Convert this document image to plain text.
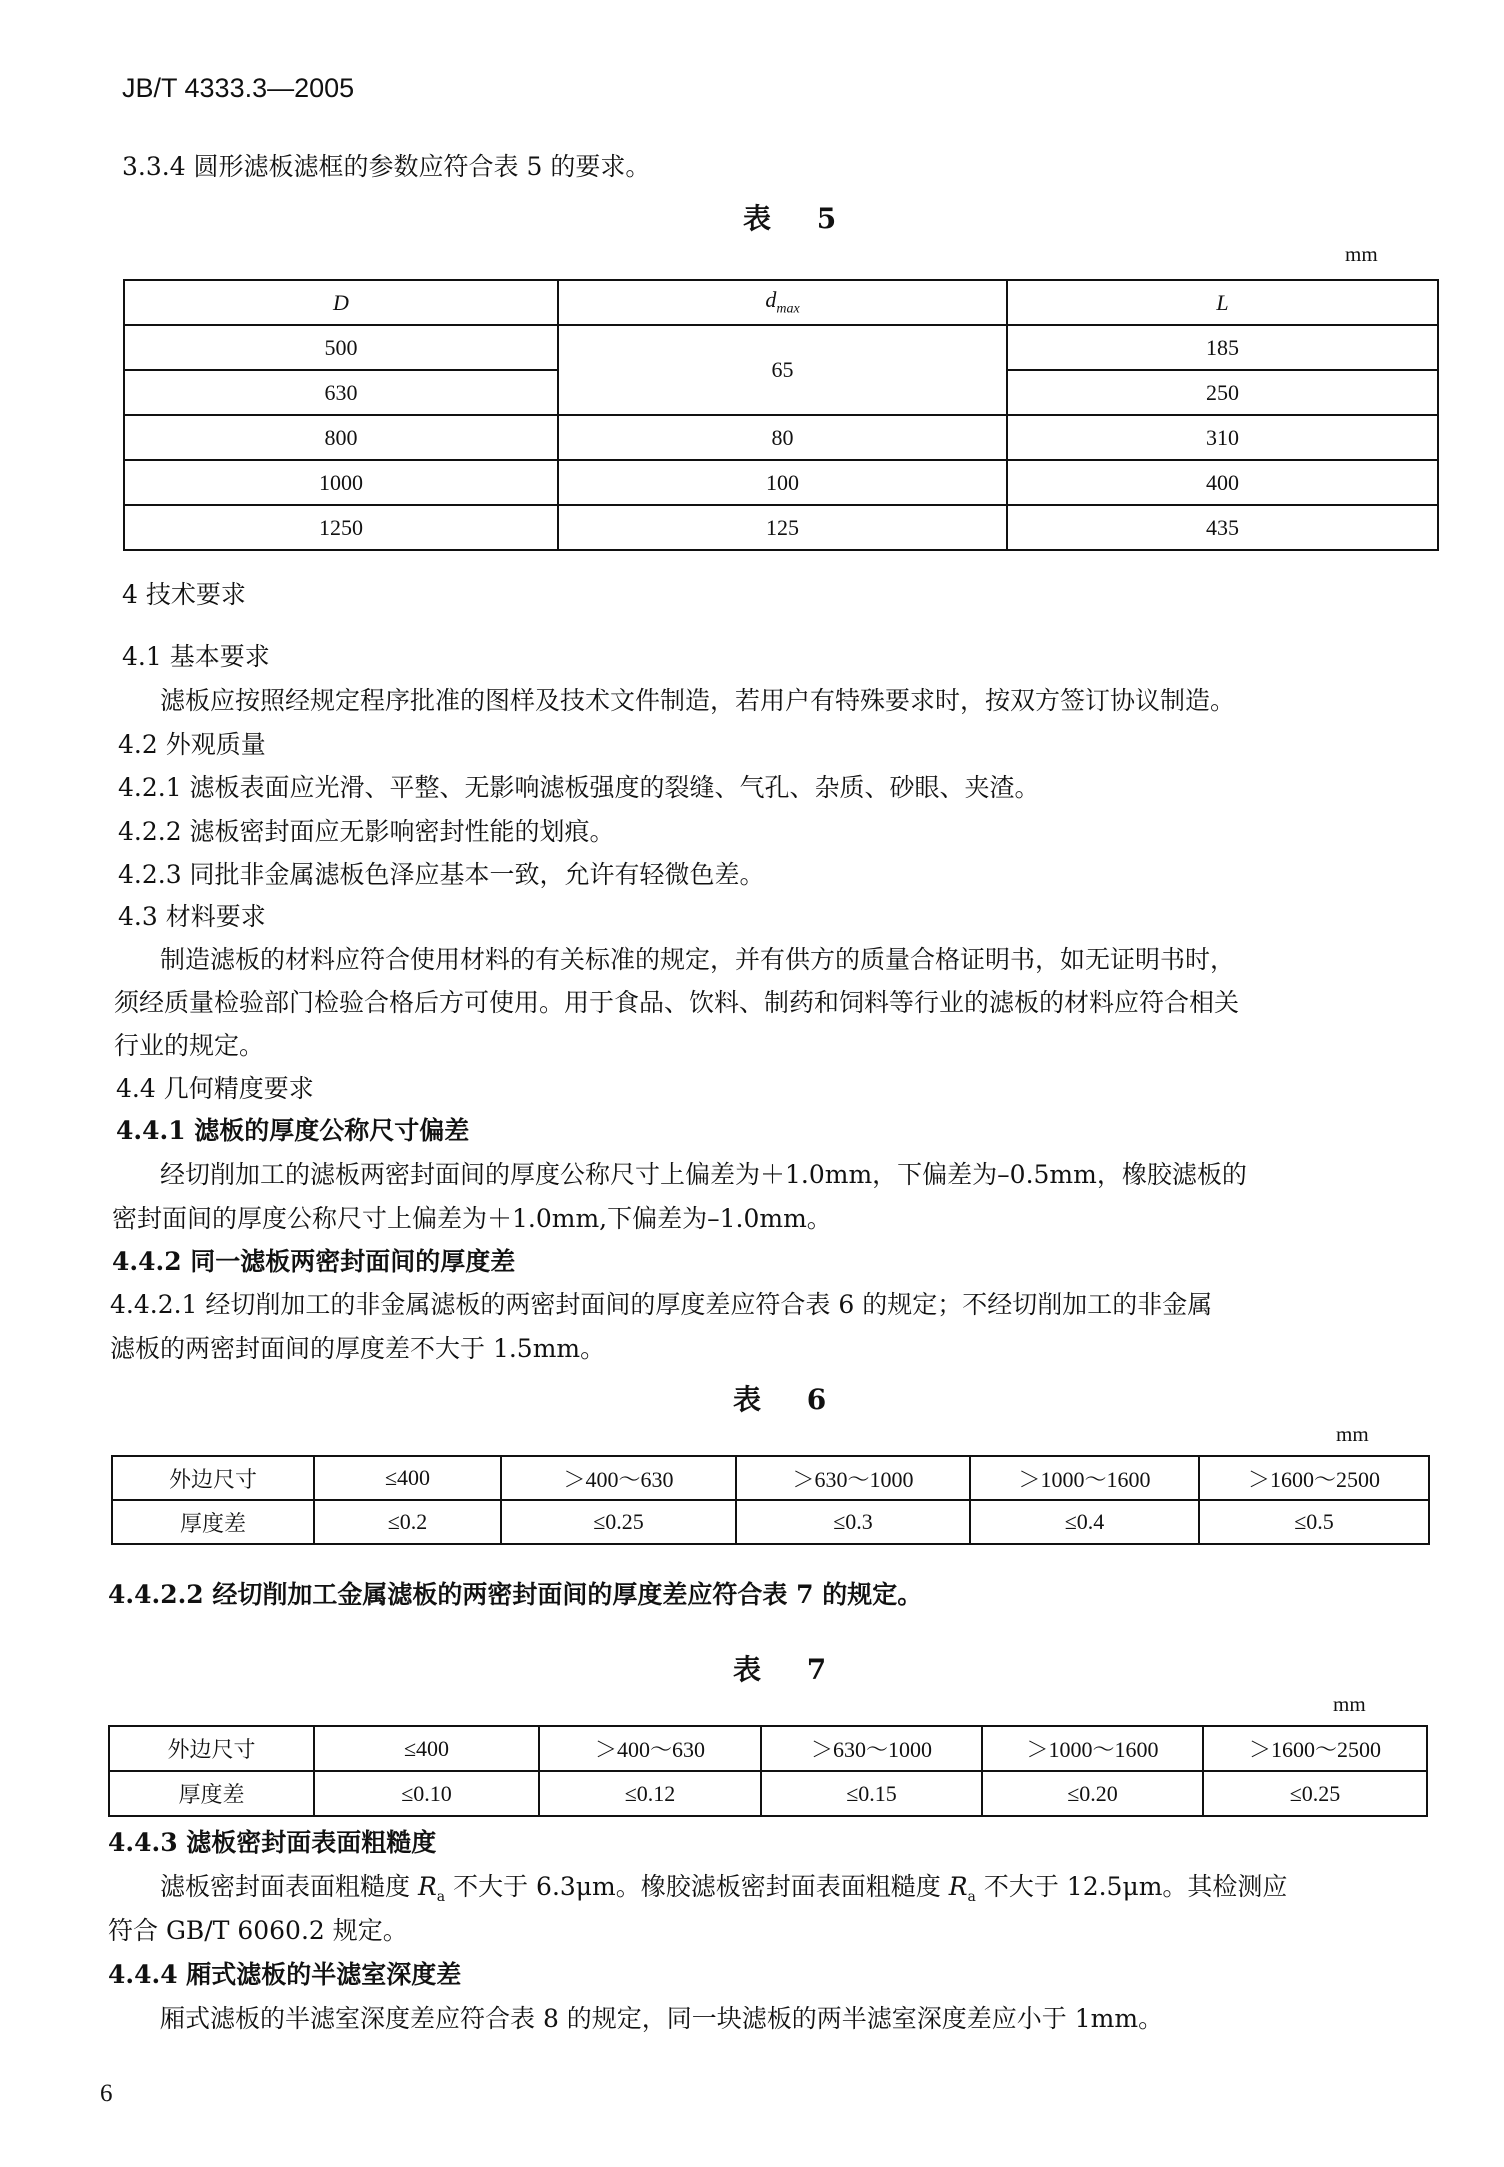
JB/T 4333.3—2005
3.3.4 圆形滤板滤框的参数应符合表 5 的要求。
表 5
mm
D	$d_{max}$	L
500	65	185
630		250
800	80	310
1000	100	400
1250	125	435
4 技术要求
4.1 基本要求
滤板应按照经规定程序批准的图样及技术文件制造，若用户有特殊要求时，按双方签订协议制造。
4.2 外观质量
4.2.1 滤板表面应光滑、平整、无影响滤板强度的裂缝、气孔、杂质、砂眼、夹渣。
4.2.2 滤板密封面应无影响密封性能的划痕。
4.2.3 同批非金属滤板色泽应基本一致，允许有轻微色差。
4.3 材料要求
制造滤板的材料应符合使用材料的有关标准的规定，并有供方的质量合格证明书，如无证明书时，
须经质量检验部门检验合格后方可使用。用于食品、饮料、制药和饲料等行业的滤板的材料应符合相关
行业的规定。
4.4 几何精度要求
4.4.1 滤板的厚度公称尺寸偏差
经切削加工的滤板两密封面间的厚度公称尺寸上偏差为＋1.0mm，下偏差为–0.5mm，橡胶滤板的
密封面间的厚度公称尺寸上偏差为＋1.0mm,下偏差为–1.0mm。
4.4.2 同一滤板两密封面间的厚度差
4.4.2.1 经切削加工的非金属滤板的两密封面间的厚度差应符合表 6 的规定；不经切削加工的非金属
滤板的两密封面间的厚度差不大于 1.5mm。
表 6
mm
外边尺寸	≤400	＞400～630	＞630～1000	＞1000～1600	＞1600～2500
厚度差	≤0.2	≤0.25	≤0.3	≤0.4	≤0.5
4.4.2.2 经切削加工金属滤板的两密封面间的厚度差应符合表 7 的规定。
表 7
mm
外边尺寸	≤400	＞400～630	＞630～1000	＞1000～1600	＞1600～2500
厚度差	≤0.10	≤0.12	≤0.15	≤0.20	≤0.25
4.4.3 滤板密封面表面粗糙度
滤板密封面表面粗糙度 $R_a$ 不大于 6.3μm。橡胶滤板密封面表面粗糙度 $R_a$ 不大于 12.5μm。其检测应
符合 GB/T 6060.2 规定。
4.4.4 厢式滤板的半滤室深度差
厢式滤板的半滤室深度差应符合表 8 的规定，同一块滤板的两半滤室深度差应小于 1mm。
6
